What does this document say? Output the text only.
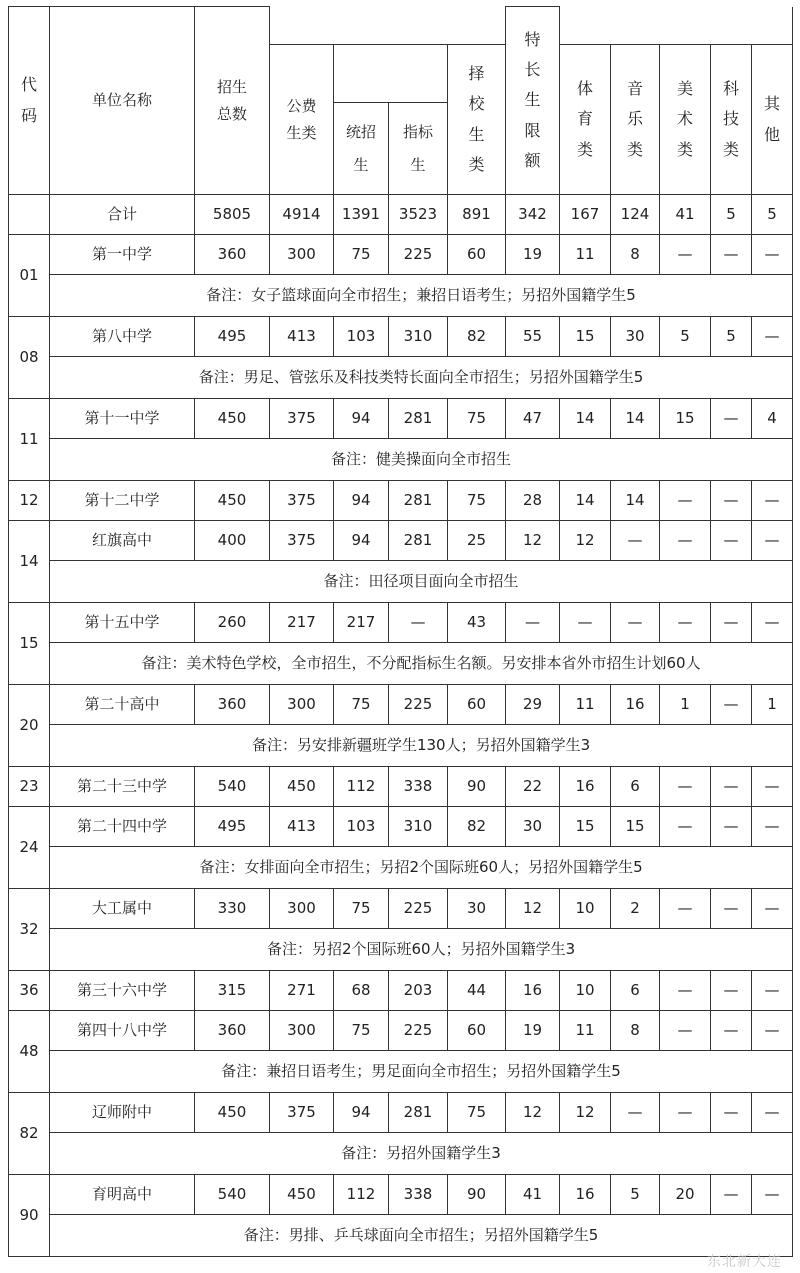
代码	单位名称	招生总数					特长生限额					
			公费生类			择校生类		体育类	音乐类	美术类	科技类	其他
				统招生	指标生							
	合计	5805	4914	1391	3523	891	342	167	124	41	5	5
01	第一中学	360	300	75	225	60	19	11	8	—	—	—
	备注：女子篮球面向全市招生；兼招日语考生；另招外国籍学生5											
08	第八中学	495	413	103	310	82	55	15	30	5	5	—
	备注：男足、管弦乐及科技类特长面向全市招生；另招外国籍学生5											
11	第十一中学	450	375	94	281	75	47	14	14	15	—	4
	备注：健美操面向全市招生											
12	第十二中学	450	375	94	281	75	28	14	14	—	—	—
14	红旗高中	400	375	94	281	25	12	12	—	—	—	—
	备注：田径项目面向全市招生											
15	第十五中学	260	217	217	—	43	—	—	—	—	—	—
	备注：美术特色学校，全市招生，不分配指标生名额。另安排本省外市招生计划60人											
20	第二十高中	360	300	75	225	60	29	11	16	1	—	1
	备注：另安排新疆班学生130人；另招外国籍学生3											
23	第二十三中学	540	450	112	338	90	22	16	6	—	—	—
24	第二十四中学	495	413	103	310	82	30	15	15	—	—	—
	备注：女排面向全市招生；另招2个国际班60人；另招外国籍学生5											
32	大工属中	330	300	75	225	30	12	10	2	—	—	—
	备注：另招2个国际班60人；另招外国籍学生3											
36	第三十六中学	315	271	68	203	44	16	10	6	—	—	—
48	第四十八中学	360	300	75	225	60	19	11	8	—	—	—
	备注：兼招日语考生；男足面向全市招生；另招外国籍学生5											
82	辽师附中	450	375	94	281	75	12	12	—	—	—	—
	备注：另招外国籍学生3											
90	育明高中	540	450	112	338	90	41	16	5	20	—	—
	备注：男排、乒乓球面向全市招生；另招外国籍学生5											
东北新大连
